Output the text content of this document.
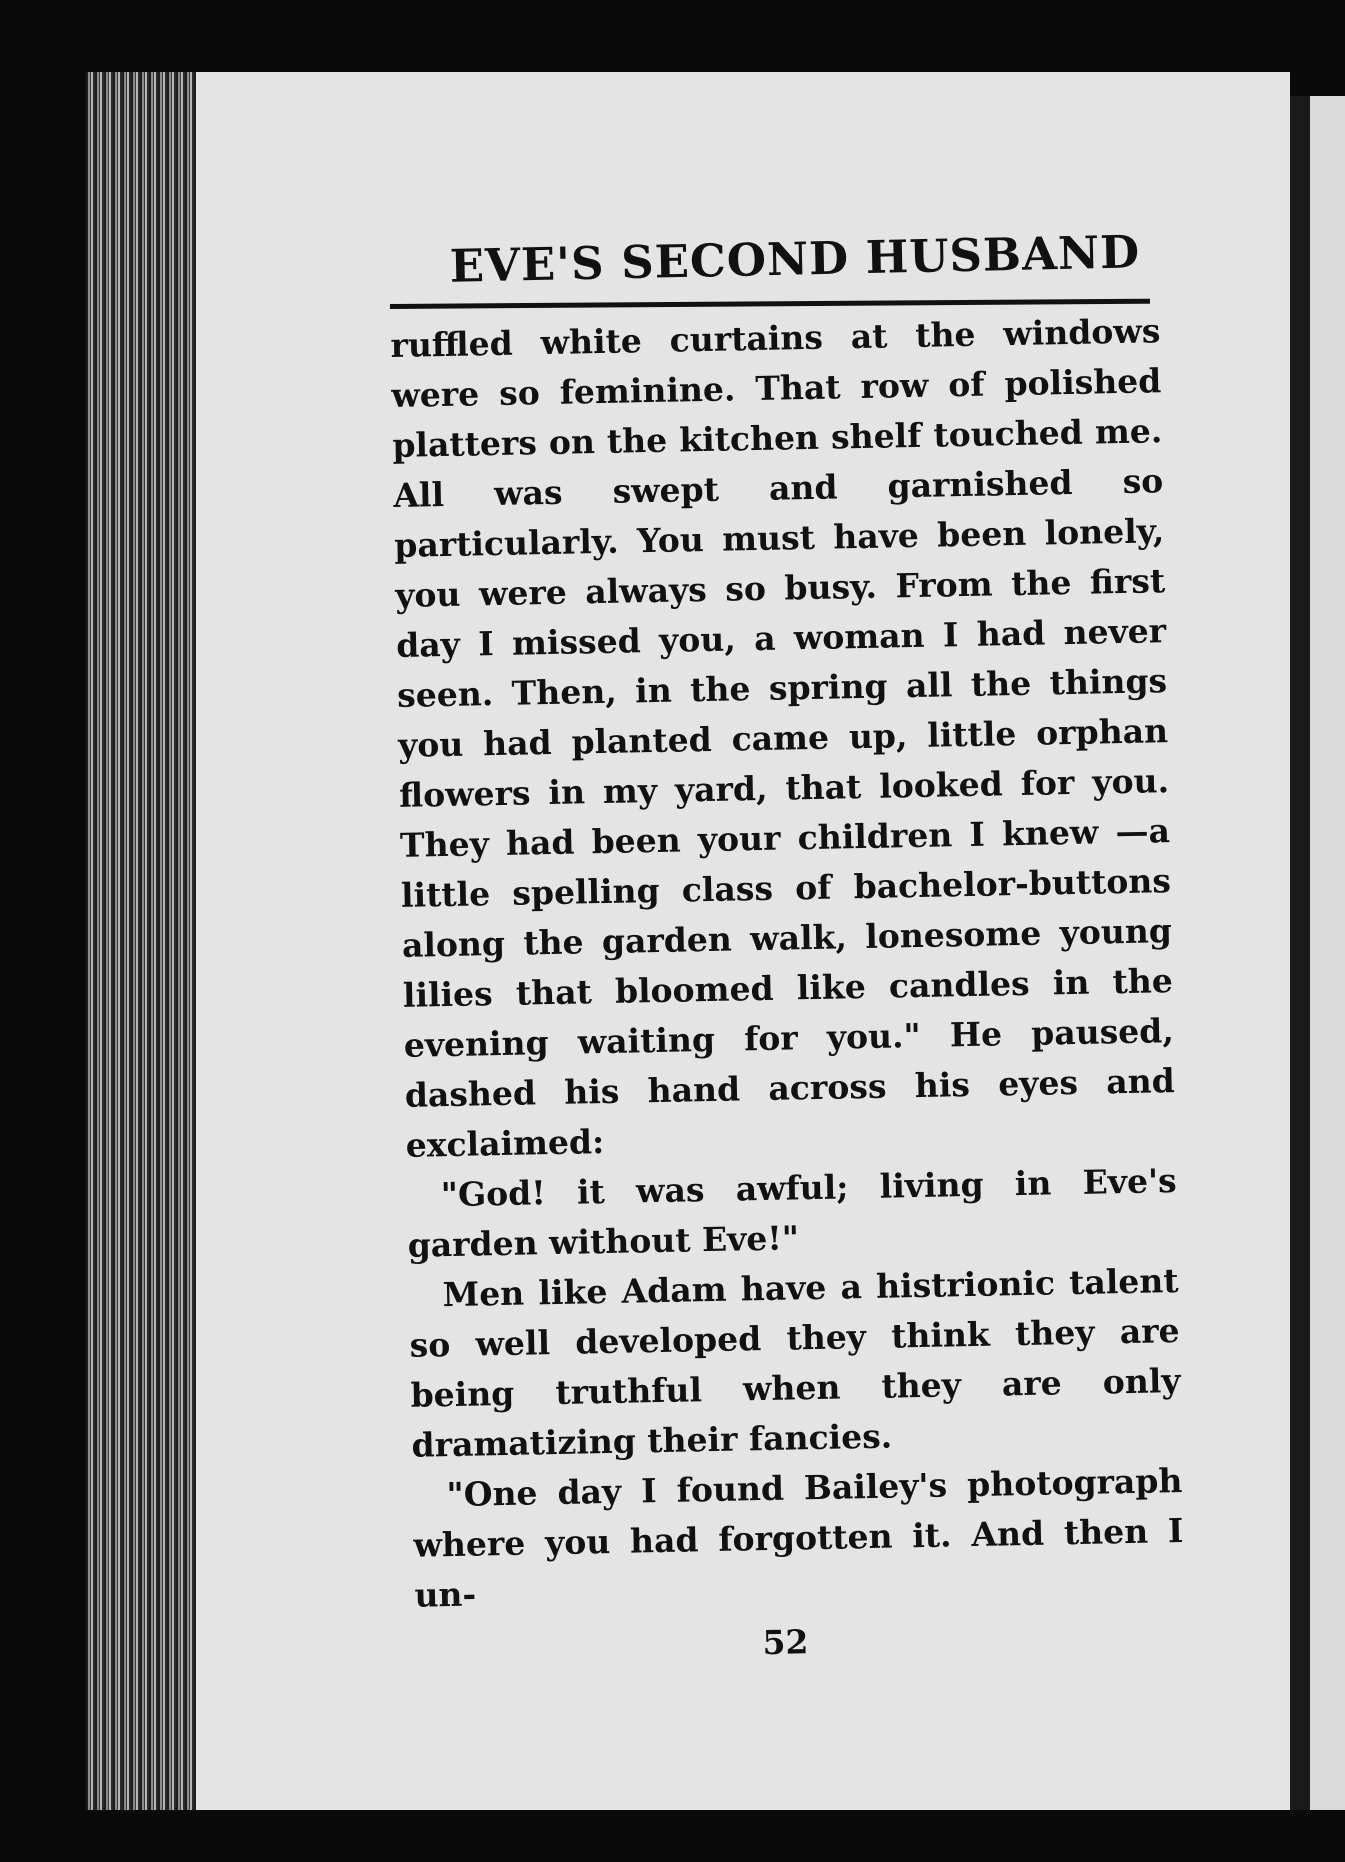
EVE'S SECOND HUSBAND

ruffled white curtains at the windows were so feminine. That row of polished platters on the kitchen shelf touched me. All was swept and garnished so particularly. You must have been lonely, you were always so busy. From the first day I missed you, a woman I had never seen. Then, in the spring all the things you had planted came up, little orphan flowers in my yard, that looked for you. They had been your children I knew —a little spelling class of bachelor-buttons along the garden walk, lonesome young lilies that bloomed like candles in the evening waiting for you." He paused, dashed his hand across his eyes and exclaimed:

"God! it was awful; living in Eve's garden without Eve!"

Men like Adam have a histrionic talent so well developed they think they are being truthful when they are only dramatizing their fancies.

"One day I found Bailey's photograph where you had forgotten it. And then I un-

52
